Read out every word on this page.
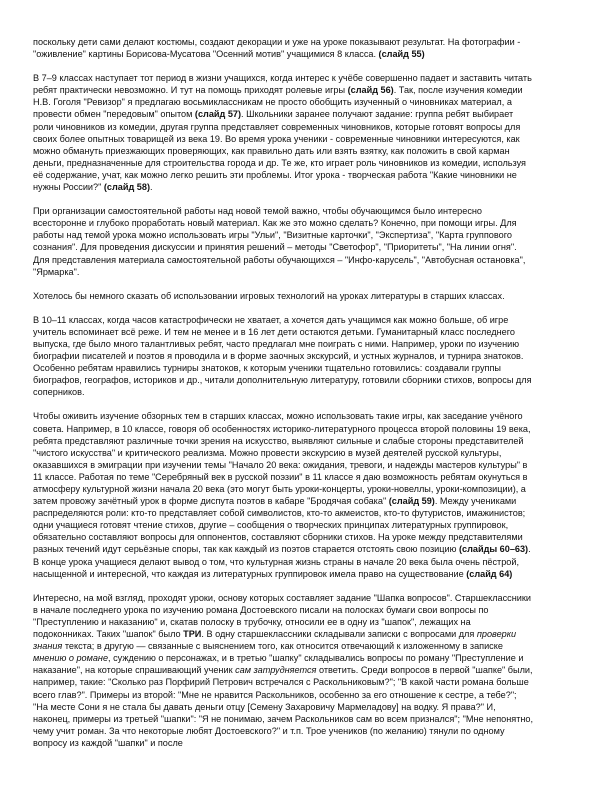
поскольку дети сами делают костюмы, создают декорации и уже на уроке показывают результат. На фотографии - "оживление" картины Борисова-Мусатова "Осенний мотив" учащимися 8 класса. (слайд 55)

В 7–9 классах наступает тот период в жизни учащихся, когда интерес к учёбе совершенно падает и заставить читать ребят практически невозможно. И тут на помощь приходят ролевые игры (слайд 56). Так, после изучения комедии Н.В. Гоголя "Ревизор" я предлагаю восьмиклассникам не просто обобщить изученный о чиновниках материал, а провести обмен "передовым" опытом (слайд 57). Школьники заранее получают задание: группа ребят выбирает роли чиновников из комедии, другая группа представляет современных чиновников, которые готовят вопросы для своих более опытных товарищей из века 19. Во время урока ученики - современные чиновники интересуются, как можно обмануть приезжающих проверяющих, как правильно дать или взять взятку, как положить в свой карман деньги, предназначенные для строительства города и др. Те же, кто играет роль чиновников из комедии, используя её содержание, учат, как можно легко решить эти проблемы. Итог урока - творческая работа "Какие чиновники не нужны России?" (слайд 58).

При организации самостоятельной работы над новой темой важно, чтобы обучающимся было интересно всесторонне и глубоко проработать новый материал. Как же это можно сделать? Конечно, при помощи игры. Для работы над темой урока можно использовать игры "Ульи", "Визитные карточки", "Экспертиза", "Карта группового сознания". Для проведения дискуссии и принятия решений – методы "Светофор", "Приоритеты", "На линии огня". Для представления материала самостоятельной работы обучающихся – "Инфо-карусель", "Автобусная остановка", "Ярмарка".

Хотелось бы немного сказать об использовании игровых технологий на уроках литературы в старших классах.

В 10–11 классах, когда часов катастрофически не хватает, а хочется дать учащимся как можно больше, об игре учитель вспоминает всё реже. И тем не менее и в 16 лет дети остаются детьми. Гуманитарный класс последнего выпуска, где было много талантливых ребят, часто предлагал мне поиграть с ними. Например, уроки по изучению биографии писателей и поэтов я проводила и в форме заочных экскурсий, и устных журналов, и турнира знатоков. Особенно ребятам нравились турниры знатоков, к которым ученики тщательно готовились: создавали группы биографов, географов, историков и др., читали дополнительную литературу, готовили сборники стихов, вопросы для соперников.

Чтобы оживить изучение обзорных тем в старших классах, можно использовать такие игры, как заседание учёного совета. Например, в 10 классе, говоря об особенностях историко-литературного процесса второй половины 19 века, ребята представляют различные точки зрения на искусство, выявляют сильные и слабые стороны представителей "чистого искусства" и критического реализма. Можно провести экскурсию в музей деятелей русской культуры, оказавшихся в эмиграции при изучении темы "Начало 20 века: ожидания, тревоги, и надежды мастеров культуры" в 11 классе. Работая по теме "Серебряный век в русской поэзии" в 11 классе я даю возможность ребятам окунуться в атмосферу культурной жизни начала 20 века (это могут быть уроки-концерты, уроки-новеллы, уроки-композиции), а затем провожу зачётный урок в форме диспута поэтов в кабаре "Бродячая собака" (слайд 59). Между учениками распределяются роли: кто-то представляет собой символистов, кто-то акмеистов, кто-то футуристов, имажинистов; одни учащиеся готовят чтение стихов, другие – сообщения о творческих принципах литературных группировок, обязательно составляют вопросы для оппонентов, составляют сборники стихов. На уроке между представителями разных течений идут серьёзные споры, так как каждый из поэтов старается отстоять свою позицию (слайды 60–63). В конце урока учащиеся делают вывод о том, что культурная жизнь страны в начале 20 века была очень пёстрой, насыщенной и интересной, что каждая из литературных группировок имела право на существование (слайд 64)

Интересно, на мой взгляд, проходят уроки, основу которых составляет задание "Шапка вопросов". Старшеклассники в начале последнего урока по изучению романа Достоевского писали на полосках бумаги свои вопросы по "Преступлению и наказанию" и, скатав полоску в трубочку, относили ее в одну из "шапок", лежащих на подоконниках. Таких "шапок" было ТРИ. В одну старшеклассники складывали записки с вопросами для проверки знания текста; в другую — связанные с выяснением того, как относится отвечающий к изложенному в записке мнению о романе, суждению о персонажах, и в третью "шапку" складывались вопросы по роману "Преступление и наказание", на которые спрашивающий ученик сам затрудняется ответить. Среди вопросов в первой "шапке" были, например, такие: "Сколько раз Порфирий Петрович встречался с Раскольниковым?"; "В какой части романа больше всего глав?". Примеры из второй: "Мне не нравится Раскольников, особенно за его отношение к сестре, а тебе?"; "На месте Сони я не стала бы давать деньги отцу [Семену Захаровичу Мармеладову] на водку. Я права?" И, наконец, примеры из третьей "шапки": "Я не понимаю, зачем Раскольников сам во всем признался"; "Мне непонятно, чему учит роман. За что некоторые любят Достоевского?" и т.п. Трое учеников (по желанию) тянули по одному вопросу из каждой "шапки" и после
